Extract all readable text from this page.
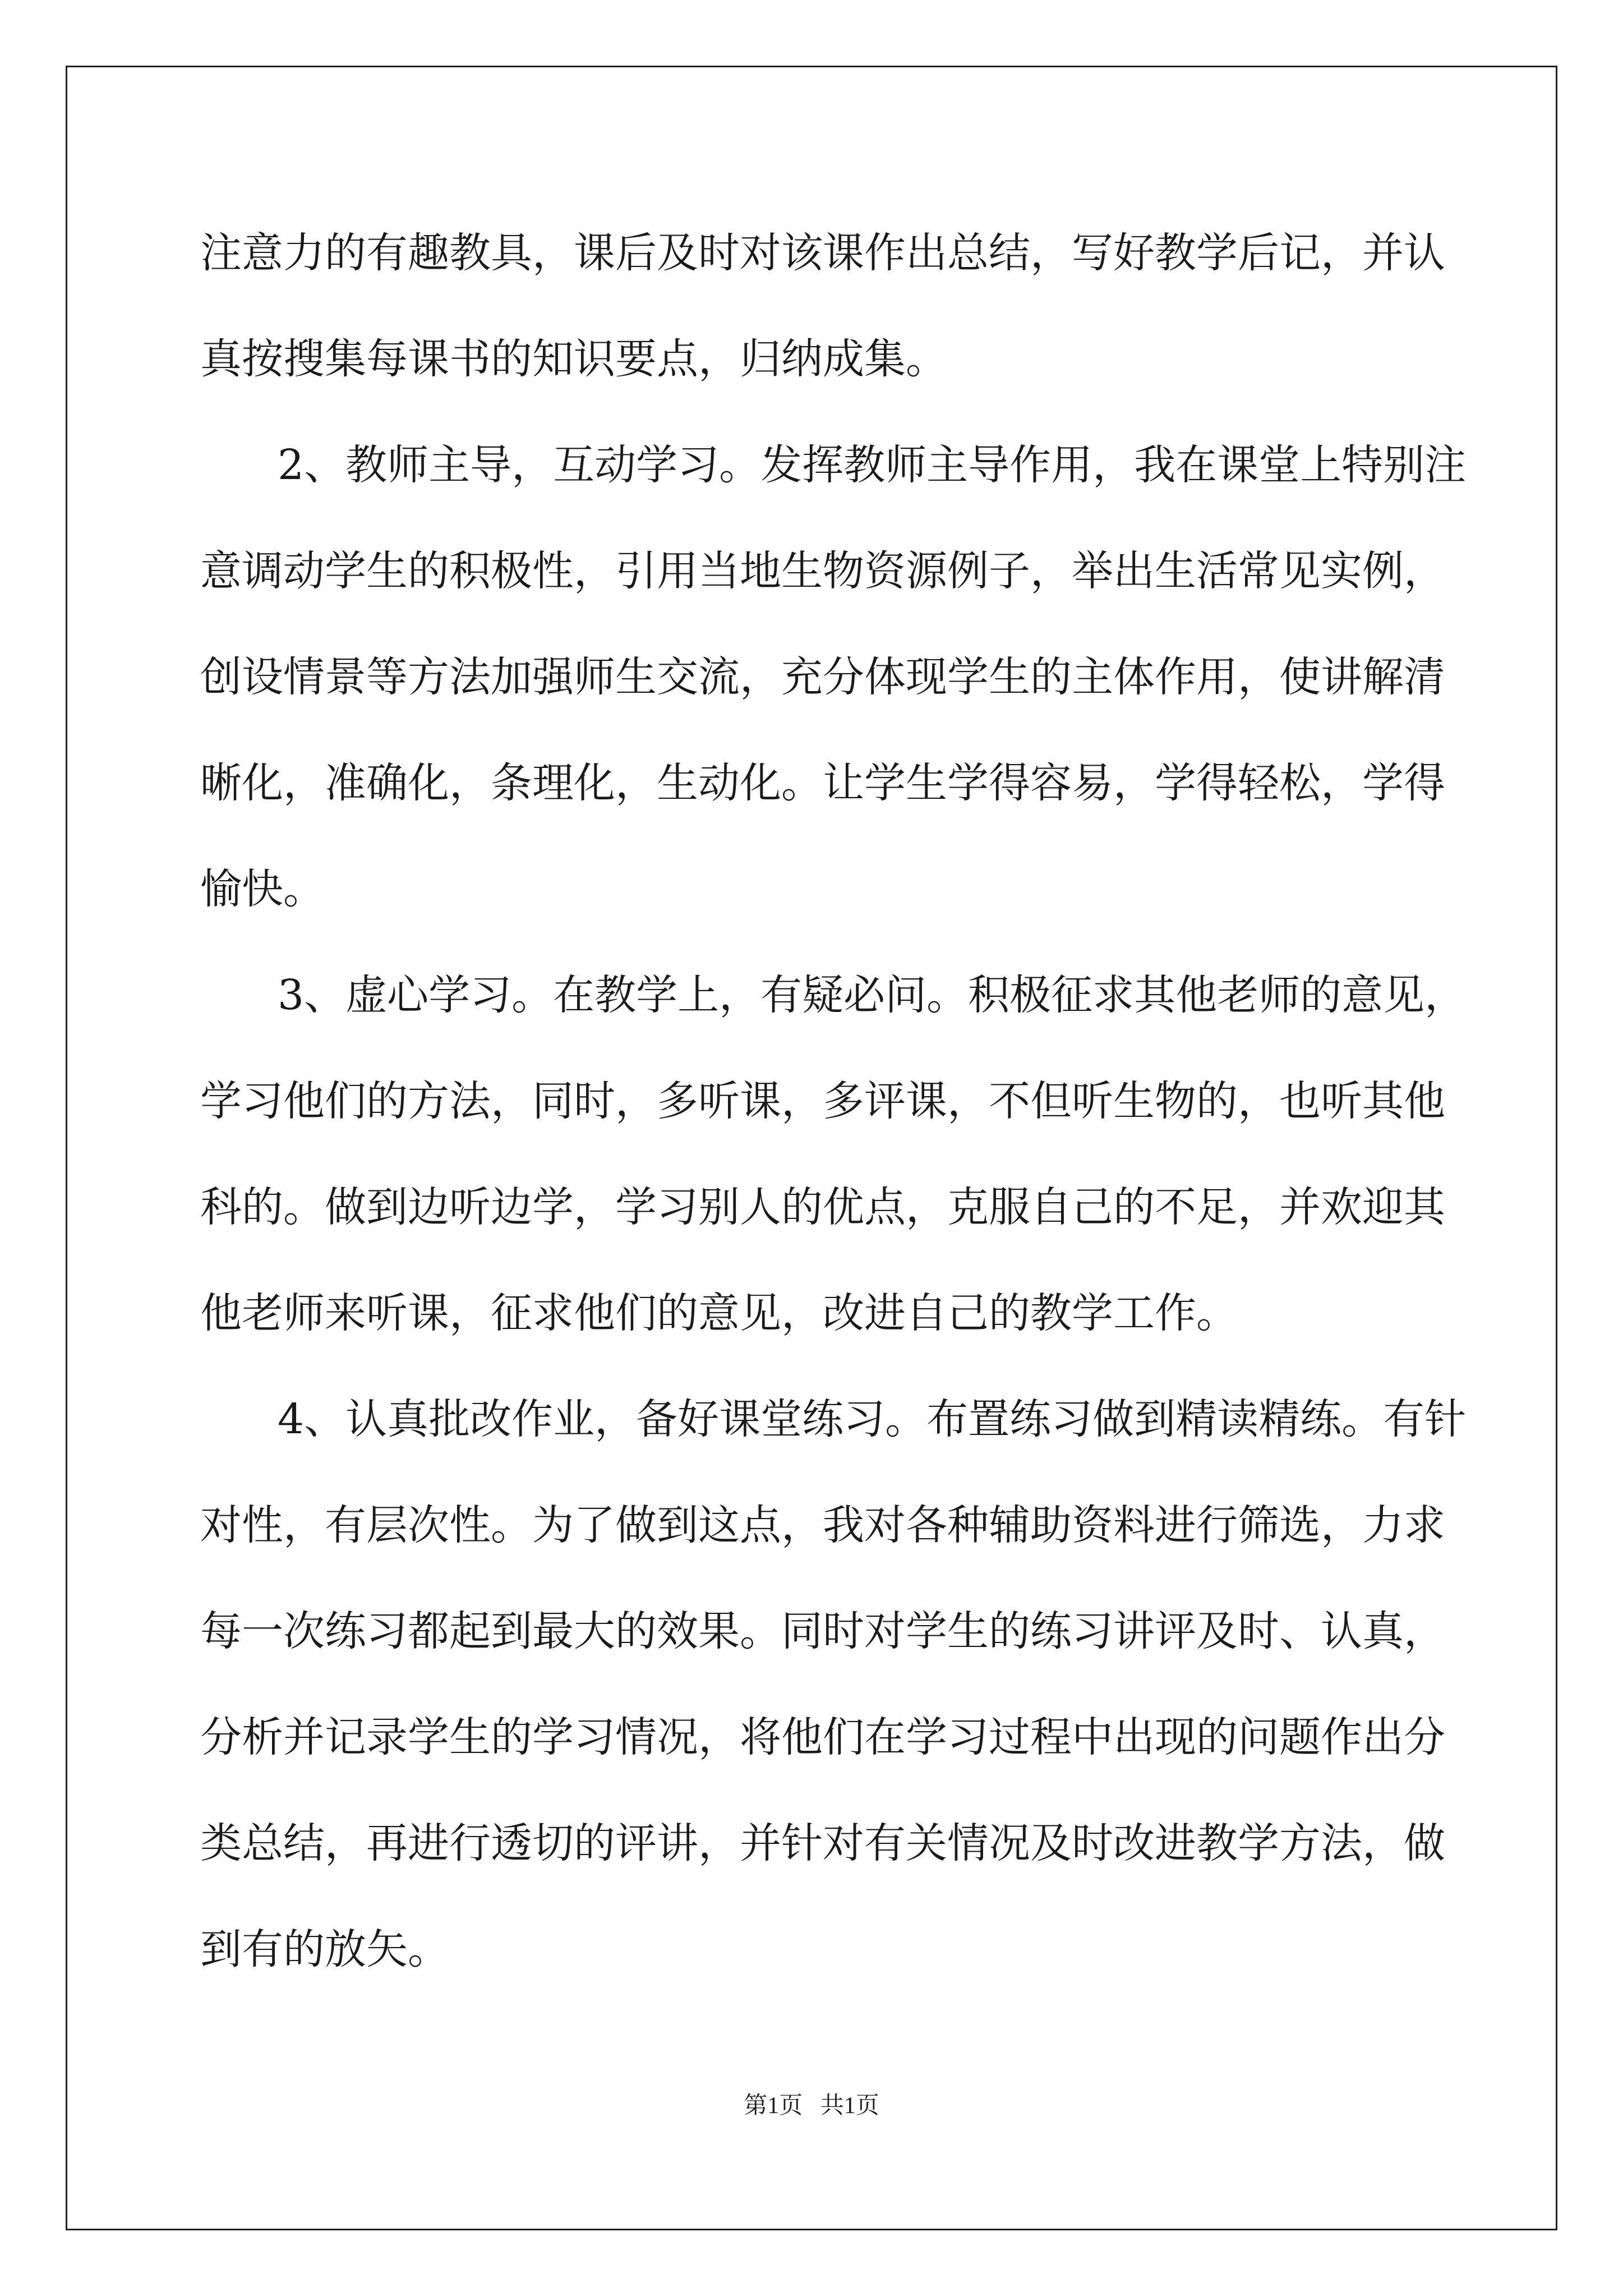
注意力的有趣教具，课后及时对该课作出总结，写好教学后记，并认
真按搜集每课书的知识要点，归纳成集。
2、教师主导，互动学习。发挥教师主导作用，我在课堂上特别注
意调动学生的积极性，引用当地生物资源例子，举出生活常见实例，
创设情景等方法加强师生交流，充分体现学生的主体作用，使讲解清
晰化，准确化，条理化，生动化。让学生学得容易，学得轻松，学得
愉快。
3、虚心学习。在教学上，有疑必问。积极征求其他老师的意见，
学习他们的方法，同时，多听课，多评课，不但听生物的，也听其他
科的。做到边听边学，学习别人的优点，克服自己的不足，并欢迎其
他老师来听课，征求他们的意见，改进自己的教学工作。
4、认真批改作业，备好课堂练习。布置练习做到精读精练。有针
对性，有层次性。为了做到这点，我对各种辅助资料进行筛选，力求
每一次练习都起到最大的效果。同时对学生的练习讲评及时、认真，
分析并记录学生的学习情况，将他们在学习过程中出现的问题作出分
类总结，再进行透切的评讲，并针对有关情况及时改进教学方法，做
到有的放矢。
第1页   共1页
